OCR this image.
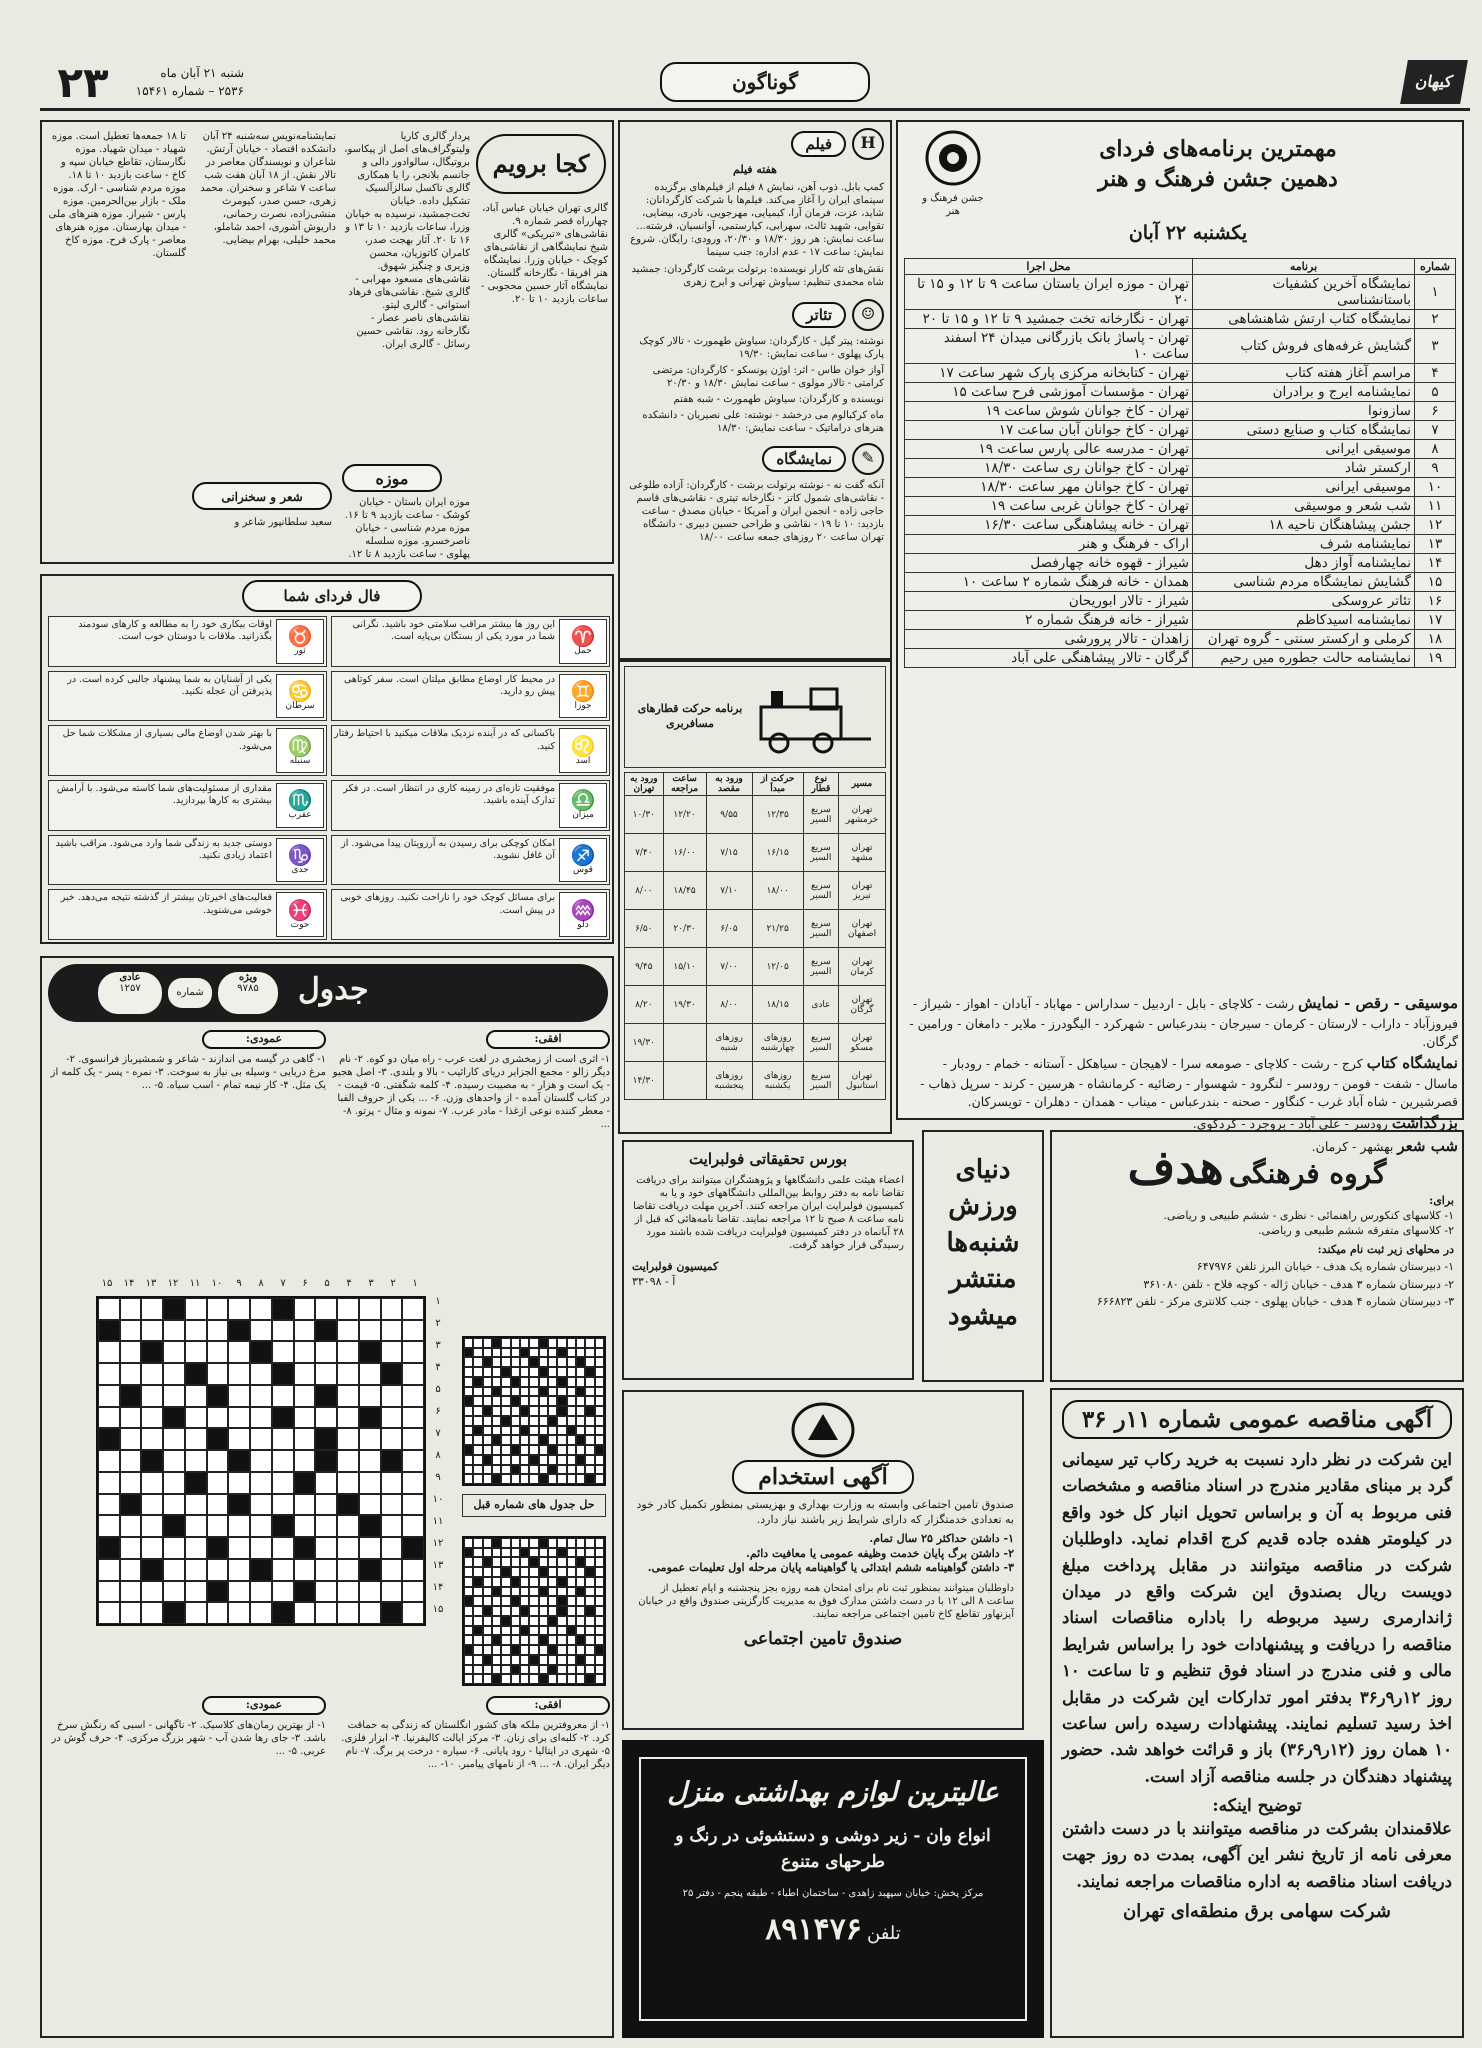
۲۳	شنبه ۲۱ آبان ماه
۲۵۳۶ – شماره ۱۵۴۶۱	گوناگون	کیهان
جشن فرهنگ و هنر
مهمترین برنامه‌های فردای
دهمین جشن فرهنگ و هنر
یکشنبه ۲۲ آبان
شماره	برنامه	محل اجرا
۱	نمایشگاه آخرین کشفیات باستانشناسی	تهران - موزه ایران باستان ساعت ۹ تا ۱۲ و ۱۵ تا ۲۰
۲	نمایشگاه کتاب ارتش شاهنشاهی	تهران - نگارخانه تخت جمشید ۹ تا ۱۲ و ۱۵ تا ۲۰
۳	گشایش غرفه‌های فروش کتاب	تهران - پاساژ بانک بازرگانی میدان ۲۴ اسفند ساعت ۱۰
۴	مراسم آغاز هفته کتاب	تهران - کتابخانه مرکزی پارک شهر ساعت ۱۷
۵	نمایشنامه ایرج و برادران	تهران - مؤسسات آموزشی فرح ساعت ۱۵
۶	سازونوا	تهران - کاخ جوانان شوش ساعت ۱۹
۷	نمایشگاه کتاب و صنایع دستی	تهران - کاخ جوانان آبان ساعت ۱۷
۸	موسیقی ایرانی	تهران - مدرسه عالی پارس ساعت ۱۹
۹	ارکستر شاد	تهران - کاخ جوانان ری ساعت ۱۸/۳۰
۱۰	موسیقی ایرانی	تهران - کاخ جوانان مهر ساعت ۱۸/۳۰
۱۱	شب شعر و موسیقی	تهران - کاخ جوانان غربی ساعت ۱۹
۱۲	جشن پیشاهنگان ناحیه ۱۸	تهران - خانه پیشاهنگی ساعت ۱۶/۳۰
۱۳	نمایشنامه شرف	اراک - فرهنگ و هنر
۱۴	نمایشنامه آواز دهل	شیراز - قهوه خانه چهارفصل
۱۵	گشایش نمایشگاه مردم شناسی	همدان - خانه فرهنگ شماره ۲ ساعت ۱۰
۱۶	تئاتر عروسکی	شیراز - تالار ابوریحان
۱۷	نمایشنامه اسیدکاظم	شیراز - خانه فرهنگ شماره ۲
۱۸	کرملی و ارکستر سنتی - گروه تهران	زاهدان - تالار پرورشی
۱۹	نمایشنامه حالت جطوره میں رحیم	گرگان - تالار پیشاهنگی علی آباد
موسیقی - رقص - نمایش رشت - کلاچای - بابل - اردبیل - سداراس - مهاباد - آبادان - اهواز - شیراز - فیروزآباد - داراب - لارستان - کرمان - سیرجان - بندرعباس - شهرکرد - الیگودرز - ملایر - دامغان - ورامین - گرگان.
نمایشگاه کتاب کرج - رشت - کلاچای - صومعه سرا - لاهیجان - سیاهکل - آستانه - خمام - رودبار - ماسال - شفت - فومن - رودسر - لنگرود - شهسوار - رضائیه - کرمانشاه - هرسین - کرند - سرپل ذهاب - قصرشیرین - شاه آباد غرب - کنگاور - صحنه - بندرعباس - میناب - همدان - دهلران - تویسرکان.
بزرگداشت رودسر - علی آباد - بروجرد - کردکوی.
شب شعر بهشهر - کرمان.
H
فیلم
هفته فیلم
کمپ بابل. ذوب آهن، نمایش ۸ فیلم از فیلم‌های برگزیده سینمای ایران را آغاز می‌کند. فیلم‌ها با شرکت کارگردانان: شاید، عزت، فرمان آرا، کیمیایی، مهرجویی، نادری، بیضایی، تقوایی، شهید ثالث، سهرابی، کیارستمی، آوانسیان، فرشته... ساعت نمایش: هر روز ۱۸/۳۰ و ۲۰/۳۰، ورودی: رایگان. شروع نمایش: ساعت ۱۷ - عدم اداره: جنب سینما
نقش‌های تئه کارار نویسنده: برتولت برشت کارگردان: جمشید شاه محمدی تنظیم: سیاوش تهرانی و ایرج زهری
☺
تئاتر
نوشته: پیتر گیل - کارگردان: سیاوش طهمورث - تالار کوچک پارک پهلوی - ساعت نمایش: ۱۹/۳۰
آواز خوان طاس - اثر: اوژن یونسکو - کارگردان: مرتضی کرامتی - تالار مولوی - ساعت نمایش ۱۸/۳۰ و ۲۰/۳۰
نویسنده و کارگردان: سیاوش طهمورث - شبه هفتم
ماه کرکبالوم می درخشد - نوشته: علی نصیریان - دانشکده هنرهای دراماتیک - ساعت نمایش: ۱۸/۳۰
✎
نمایشگاه
آنکه گفت نه - نوشته برتولت برشت - کارگردان: آزاده طلوعی - نقاشی‌های شمول کاتز - نگارخانه تیتری - نقاشی‌های قاسم حاجی زاده - انجمن ایران و آمریکا - خیابان مصدق - ساعت بازدید: ۱۰ تا ۱۹ - نقاشی و طراحی حسین دبیری - دانشگاه تهران ساعت ۲۰ روزهای جمعه ساعت ۱۸/۰۰
کجا برویم
گالری تهران خیابان عباس آباد، چهارراه قصر شماره ۹. نقاشی‌های «تبریکی» گالری شیخ نمایشگاهی از نقاشی‌های کوچک - خیابان وزرا. نمایشگاه هنر افریقا - نگارخانه گلستان. نمایشگاه آثار حسین محجوبی - ساعات بازدید ۱۰ تا ۲۰.
پردار گالری کاریا ولیتوگراف‌های اصل از پیکاسو، بروتیگال، سالوادور دالی و جانسم بلانجر، را با همکاری گالری تاکسل سالزآلسیک تشکیل داده. خیابان تخت‌جمشید، نرسیده به خیابان وزرا، ساعات بازدید ۱۰ تا ۱۳ و ۱۶ تا ۲۰. آثار بهجت صدر، کامران کاتوزیان، محسن وزیری و چنگیز شهوق. نقاشی‌های مسعود مهرابی - گالری شیخ. نقاشی‌های فرهاد استوانی - گالری لیتو. نقاشی‌های ناصر عصار - نگارخانه رود. نقاشی حسین رسائل - گالری ایران.
موزه
موزه ایران باستان - خیابان کوشک - ساعت بازدید ۹ تا ۱۶. موزه مردم شناسی - خیابان ناصرخسرو. موزه سلسله پهلوی - ساعت بازدید ۸ تا ۱۲.
نمایشنامه‌نویس سه‌شنبه ۲۴ آبان دانشکده اقتصاد - خیابان آرتش. شاعران و نویسندگان معاصر در تالار نقش. از ۱۸ آبان هفت شب ساعت ۷ شاعر و سخنران. محمد زهری، حسن صدر، کیومرث منشی‌زاده، نصرت رحمانی، داریوش آشوری، احمد شاملو، محمد خلیلی، بهرام بیضایی.
شعر و سخنرانی
سعید سلطانپور شاعر و
تا ۱۸ جمعه‌ها تعطیل است. موزه شهیاد - میدان شهیاد. موزه نگارستان، تقاطع خیابان سپه و کاخ - ساعت بازدید ۱۰ تا ۱۸. موزه مردم شناسی - ارک. موزه ملک - بازار بین‌الحرمین. موزه پارس - شیراز. موزه هنرهای ملی - میدان بهارستان. موزه هنرهای معاصر - پارک فرح. موزه کاخ گلستان.
فال فردای شما
♈
حمل
این روز ها بیشتر مراقب سلامتی خود باشید. نگرانی شما در مورد یکی از بستگان بی‌پایه است.
♉
ثور
اوقات بیکاری خود را به مطالعه و کارهای سودمند بگذرانید. ملاقات با دوستان خوب است.
♊
جوزا
در محیط کار اوضاع مطابق میلتان است. سفر کوتاهی پیش رو دارید.
♋
سرطان
یکی از آشنایان به شما پیشنهاد جالبی کرده است. در پذیرفتن آن عجله نکنید.
♌
اسد
باکسانی که در آینده نزدیک ملاقات میکنید با احتیاط رفتار کنید.
♍
سنبله
با بهتر شدن اوضاع مالی بسیاری از مشکلات شما حل می‌شود.
♎
میزان
موفقیت تازه‌ای در زمینه کاری در انتظار است. در فکر تدارک آینده باشید.
♏
عقرب
مقداری از مسئولیت‌های شما کاسته می‌شود. با آرامش بیشتری به کارها بپردازید.
♐
قوس
امکان کوچکی برای رسیدن به آرزویتان پیدا می‌شود. از آن غافل نشوید.
♑
جدی
دوستی جدید به زندگی شما وارد می‌شود. مراقب باشید اعتماد زیادی نکنید.
♒
دلو
برای مسائل کوچک خود را ناراحت نکنید. روزهای خوبی در پیش است.
♓
حوت
فعالیت‌های اخیرتان بیشتر از گذشته نتیجه می‌دهد. خبر خوشی می‌شنوید.
برنامه حرکت قطارهای مسافربری
مسیر	نوع قطار	حرکت از مبدأ	ورود به مقصد	ساعت مراجعه	ورود به تهران
تهران خرمشهر	سریع السیر	۱۲/۳۵	۹/۵۵	۱۲/۲۰	۱۰/۳۰
تهران مشهد	سریع السیر	۱۶/۱۵	۷/۱۵	۱۶/۰۰	۷/۴۰
تهران تبریز	سریع السیر	۱۸/۰۰	۷/۱۰	۱۸/۴۵	۸/۰۰
تهران اصفهان	سریع السیر	۲۱/۲۵	۶/۰۵	۲۰/۳۰	۶/۵۰
تهران کرمان	سریع السیر	۱۲/۰۵	۷/۰۰	۱۵/۱۰	۹/۴۵
تهران گرگان	عادی	۱۸/۱۵	۸/۰۰	۱۹/۳۰	۸/۲۰
تهران مسکو	سریع السیر	روزهای چهارشنبه	روزهای شنبه		۱۹/۳۰
تهران استانبول	سریع السیر	روزهای یکشنبه	روزهای پنجشنبه		۱۴/۳۰
جدول
ویژه
۹۷۸۵
شماره
عادی
۱۲۵۷
افقی:
۱- اثری است از زمخشری در لغت عرب - راه میان دو کوه. ۲- نام دیگر زالو - مجمع الجزایر دریای کارائیب - بالا و بلندی. ۳- اصل هجیو - یک است و هزار - به مصیبت رسیده. ۴- کلمه شگفتی. ۵- قیمت - در کتاب گلستان آمده - از واحدهای وزن. ۶- ... یکی از حروف الفبا - معطر کننده نوعی ازغذا - مادر عرب. ۷- نمونه و مثال - پرتو. ۸- ...
عمودی:
۱- گاهی در گیسه می اندازند - شاعر و شمشیرباز فرانسوی. ۲- مرغ دریایی - وسیله بی نیاز به سوخت. ۳- نمره - پسر - یک کلمه از یک مثل. ۴- کار نیمه تمام - اسب سیاه. ۵- ...
۱
۲
۳
۴
۵
۶
۷
۸
۹
۱۰
۱۱
۱۲
۱۳
۱۴
۱۵
۱
۲
۳
۴
۵
۶
۷
۸
۹
۱۰
۱۱
۱۲
۱۳
۱۴
۱۵
حل جدول های شماره قبل
افقی:
۱- از معروفترین ملکه های کشور انگلستان که زندگی به حماقت کرد. ۲- کلبه‌ای برای زنان. ۳- مرکز ایالت کالیفرنیا. ۴- ابزار فلزی. ۵- شهری در ایتالیا - رود پایانی. ۶- سیاره - درخت پر برگ. ۷- نام دیگر ایران. ۸- ... ۹- از نامهای پیامبر. ۱۰- ...
عمودی:
۱- از بهترین رمان‌های کلاسیک. ۲- ناگهانی - اسبی که رنگش سرخ باشد. ۳- جای رها شدن آب - شهر بزرگ مرکزی. ۴- حرف گوش در عربی. ۵- ...
بورس تحقیقاتی فولبرایت
اعضاء هیئت علمی دانشگاهها و پژوهشگران میتوانند برای دریافت تقاضا نامه به دفتر روابط بین‌المللی دانشگاههای خود و یا به کمیسیون فولبرایت ایران مراجعه کنند. آخرین مهلت دریافت تقاضا نامه ساعت ۸ صبح تا ۱۲ مراجعه نمایند. تقاضا نامه‌هائی که قبل از ۲۸ آبانماه در دفتر کمیسیون فولبرایت دریافت شده باشند مورد رسیدگی قرار خواهد گرفت.
کمیسیون فولبرایت
آ - ۳۳۰۹۸
دنیای ورزش شنبه‌ها منتشر میشود
گروه فرهنگی هدف
برای:
۱- کلاسهای کنکورس راهنمائی - نظری - ششم طبیعی و ریاضی.
۲- کلاسهای متفرقه ششم طبیعی و ریاضی.
در محلهای زیر ثبت نام میکند:
۱- دبیرستان شماره یک هدف - خیابان البرز تلفن ۶۴۷۹۷۶
۲- دبیرستان شماره ۳ هدف - خیابان ژاله - کوچه فلاح - تلفن ۳۶۱۰۸۰
۳- دبیرستان شماره ۴ هدف - خیابان پهلوی - جنب کلانتری مرکز - تلفن ۶۶۶۸۲۳
آگهی استخدام
صندوق تامین اجتماعی وابسته به وزارت بهداری و بهزیستی بمنظور تکمیل کادر خود به تعدادی خدمتگزار که دارای شرایط زیر باشند نیاز دارد.
۱- داشتن حداکثر ۲۵ سال تمام.
۲- داشتن برگ پایان خدمت وظیفه عمومی یا معافیت دائم.
۳- داشتن گواهینامه ششم ابتدائی یا گواهینامه پایان مرحله اول تعلیمات عمومی.
داوطلبان میتوانند بمنظور ثبت نام برای امتحان همه روزه بجز پنجشنبه و ایام تعطیل از ساعت ۸ الی ۱۲ با در دست داشتن مدارک فوق به مدیریت کارگزینی صندوق واقع در خیابان آیزنهاور تقاطع کاخ تامین اجتماعی مراجعه نمایند.
صندوق تامین اجتماعی
آگهی مناقصه عمومی شماره ۱۱ر ۳۶
این شرکت در نظر دارد نسبت به خرید رکاب تیر سیمانی گرد بر مبنای مقادیر مندرج در اسناد مناقصه و مشخصات فنی مربوط به آن و براساس تحویل انبار کل خود واقع در کیلومتر هفده جاده قدیم کرج اقدام نماید. داوطلبان شرکت در مناقصه میتوانند در مقابل پرداخت مبلغ دویست ریال بصندوق این شرکت واقع در میدان ژاندارمری رسید مربوطه را باداره مناقصات اسناد مناقصه را دریافت و پیشنهادات خود را براساس شرایط مالی و فنی مندرج در اسناد فوق تنظیم و تا ساعت ۱۰ روز ۱۲ر۹ر۳۶ بدفتر امور تدارکات این شرکت در مقابل اخذ رسید تسلیم نمایند. پیشنهادات رسیده راس ساعت ۱۰ همان روز (۱۲ر۹ر۳۶) باز و قرائت خواهد شد. حضور پیشنهاد دهندگان در جلسه مناقصه آزاد است.
توضیح اینکه:
علاقمندان بشرکت در مناقصه میتوانند با در دست داشتن معرفی نامه از تاریخ نشر این آگهی، بمدت ده روز جهت دریافت اسناد مناقصه به اداره مناقصات مراجعه نمایند.
شرکت سهامی برق منطقه‌ای تهران
عالیترین لوازم بهداشتی منزل
انواع وان - زیر دوشی و دستشوئی در رنگ و طرحهای متنوع
مرکز پخش: خیابان سپهبد زاهدی - ساختمان اطباء - طبقه پنجم - دفتر ۲۵
تلفن ۸۹۱۴۷۶
